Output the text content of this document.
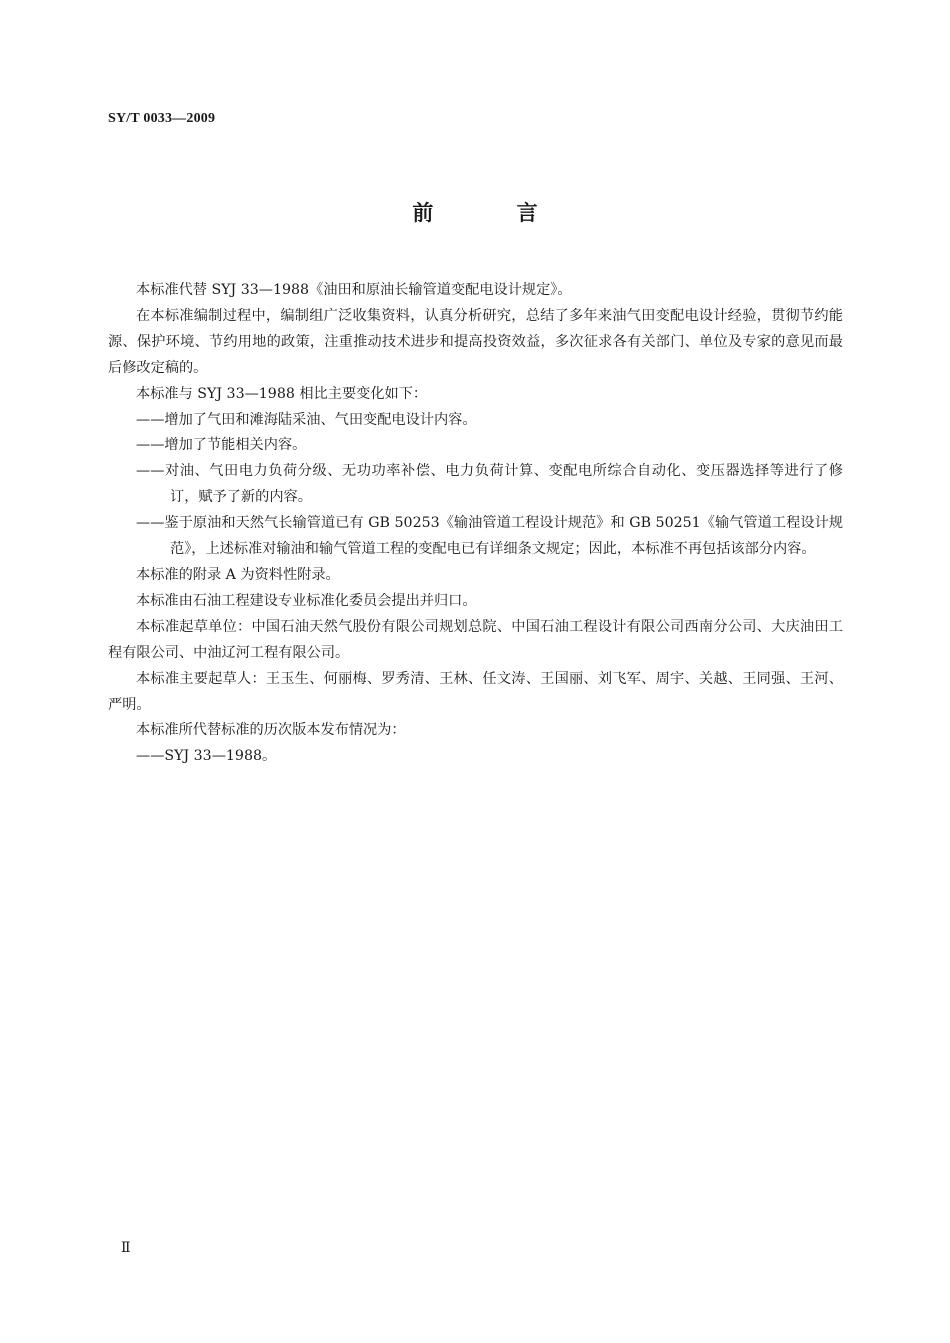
SY/T 0033—2009
前 言

本标准代替 SYJ 33—1988《油田和原油长输管道变配电设计规定》。

在本标准编制过程中，编制组广泛收集资料，认真分析研究，总结了多年来油气田变配电设计经验，贯彻节约能源、保护环境、节约用地的政策，注重推动技术进步和提高投资效益，多次征求各有关部门、单位及专家的意见而最后修改定稿的。

本标准与 SYJ 33—1988 相比主要变化如下：

——增加了气田和滩海陆采油、气田变配电设计内容。

——增加了节能相关内容。

——对油、气田电力负荷分级、无功功率补偿、电力负荷计算、变配电所综合自动化、变压器选择等进行了修订，赋予了新的内容。

——鉴于原油和天然气长输管道已有 GB 50253《输油管道工程设计规范》和 GB 50251《输气管道工程设计规范》，上述标准对输油和输气管道工程的变配电已有详细条文规定；因此，本标准不再包括该部分内容。

本标准的附录 A 为资料性附录。

本标准由石油工程建设专业标准化委员会提出并归口。

本标准起草单位：中国石油天然气股份有限公司规划总院、中国石油工程设计有限公司西南分公司、大庆油田工程有限公司、中油辽河工程有限公司。

本标准主要起草人：王玉生、何丽梅、罗秀清、王林、任文涛、王国丽、刘飞军、周宇、关越、王同强、王河、严明。

本标准所代替标准的历次版本发布情况为：

——SYJ 33—1988。

Ⅱ
